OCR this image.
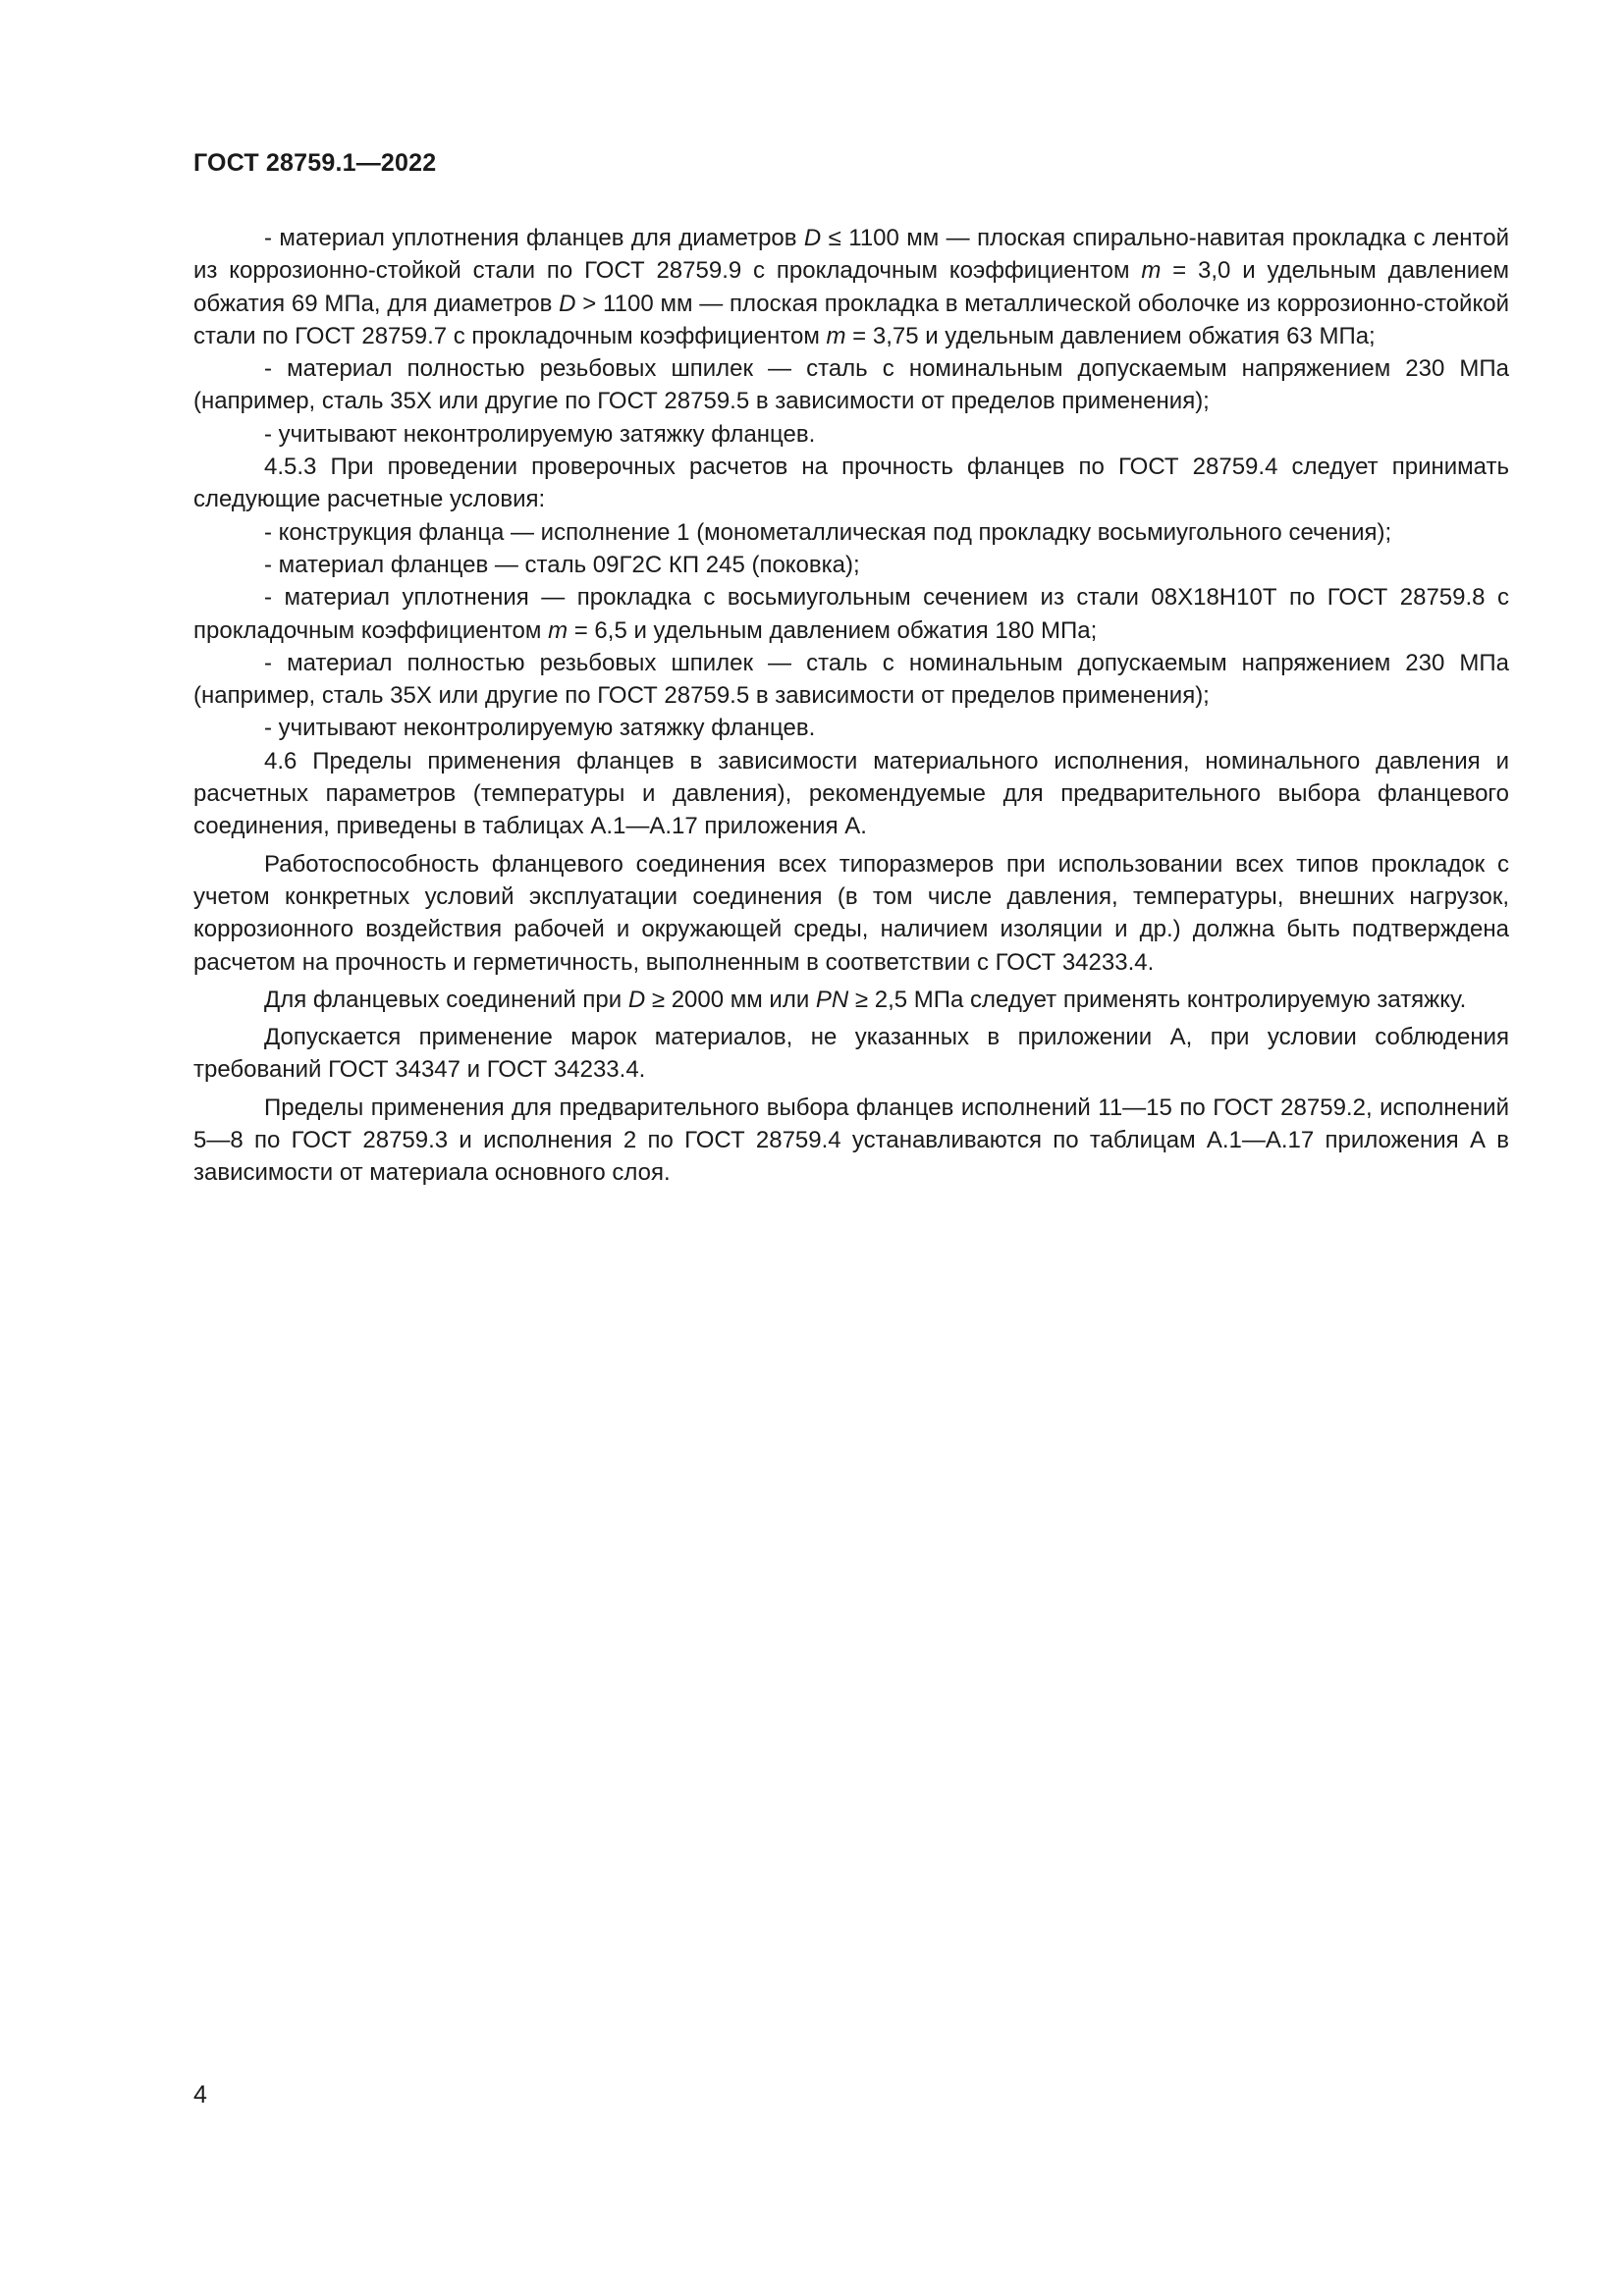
ГОСТ 28759.1—2022

- материал уплотнения фланцев для диаметров D ≤ 1100 мм — плоская спирально-навитая прокладка с лентой из коррозионно-стойкой стали по ГОСТ 28759.9 с прокладочным коэффициентом m = 3,0 и удельным давлением обжатия 69 МПа, для диаметров D > 1100 мм — плоская прокладка в металлической оболочке из коррозионно-стойкой стали по ГОСТ 28759.7 с прокладочным коэффициентом m = 3,75 и удельным давлением обжатия 63 МПа;

- материал полностью резьбовых шпилек — сталь с номинальным допускаемым напряжением 230 МПа (например, сталь 35Х или другие по ГОСТ 28759.5 в зависимости от пределов применения);

- учитывают неконтролируемую затяжку фланцев.

4.5.3 При проведении проверочных расчетов на прочность фланцев по ГОСТ 28759.4 следует принимать следующие расчетные условия:

- конструкция фланца — исполнение 1 (монометаллическая под прокладку восьмиугольного сечения);

- материал фланцев — сталь 09Г2С КП 245 (поковка);

- материал уплотнения — прокладка с восьмиугольным сечением из стали 08Х18Н10Т по ГОСТ 28759.8 с прокладочным коэффициентом m = 6,5 и удельным давлением обжатия 180 МПа;

- материал полностью резьбовых шпилек — сталь с номинальным допускаемым напряжением 230 МПа (например, сталь 35Х или другие по ГОСТ 28759.5 в зависимости от пределов применения);

- учитывают неконтролируемую затяжку фланцев.

4.6 Пределы применения фланцев в зависимости материального исполнения, номинального давления и расчетных параметров (температуры и давления), рекомендуемые для предварительного выбора фланцевого соединения, приведены в таблицах А.1—А.17 приложения А.

Работоспособность фланцевого соединения всех типоразмеров при использовании всех типов прокладок с учетом конкретных условий эксплуатации соединения (в том числе давления, температуры, внешних нагрузок, коррозионного воздействия рабочей и окружающей среды, наличием изоляции и др.) должна быть подтверждена расчетом на прочность и герметичность, выполненным в соответствии с ГОСТ 34233.4.

Для фланцевых соединений при D ≥ 2000 мм или PN ≥ 2,5 МПа следует применять контролируемую затяжку.

Допускается применение марок материалов, не указанных в приложении А, при условии соблюдения требований ГОСТ 34347 и ГОСТ 34233.4.

Пределы применения для предварительного выбора фланцев исполнений 11—15 по ГОСТ 28759.2, исполнений 5—8 по ГОСТ 28759.3 и исполнения 2 по ГОСТ 28759.4 устанавливаются по таблицам А.1—А.17 приложения А в зависимости от материала основного слоя.

4
